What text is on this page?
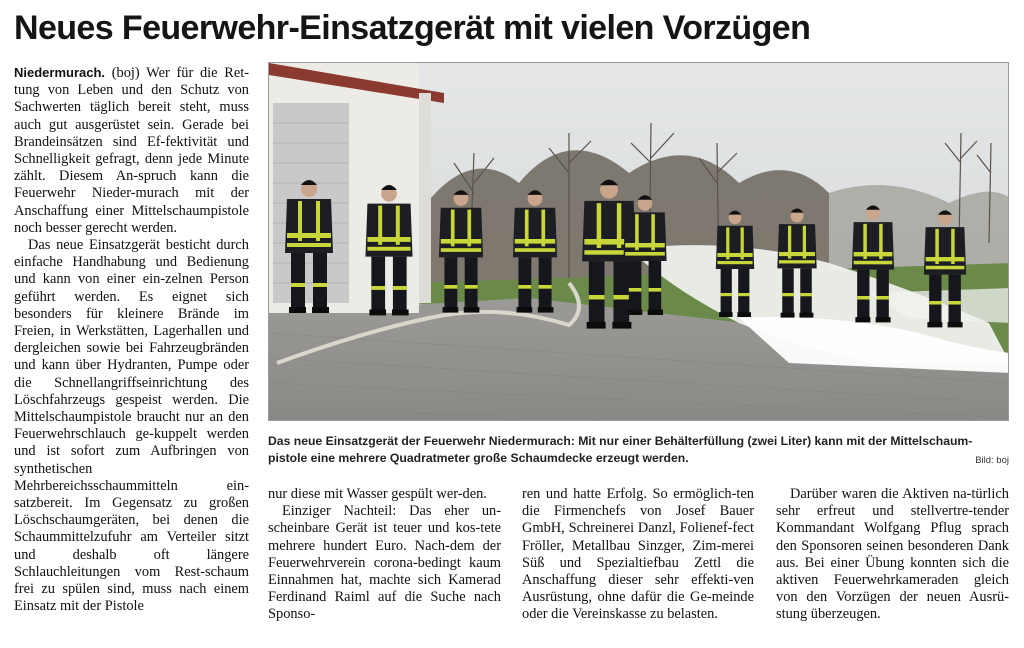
Neues Feuerwehr-Einsatzgerät mit vielen Vorzügen

Niedermurach. (boj) Wer für die Ret- tung von Leben und den Schutz von Sachwerten täglich bereit steht, muss auch gut ausgerüstet sein. Gerade bei Brandeinsätzen sind Ef-fektivität und Schnelligkeit gefragt, denn jede Minute zählt. Diesem An-spruch kann die Feuerwehr Nieder-murach mit der Anschaffung einer Mittelschaumpistole noch besser gerecht werden.

Das neue Einsatzgerät besticht durch einfache Handhabung und Bedienung und kann von einer ein-zelnen Person geführt werden. Es eignet sich besonders für kleinere Brände im Freien, in Werkstätten, Lagerhallen und dergleichen sowie bei Fahrzeugbränden und kann über Hydranten, Pumpe oder die Schnellangriffseinrichtung des Löschfahrzeugs gespeist werden. Die Mittelschaumpistole braucht nur an den Feuerwehrschlauch ge-kuppelt werden und ist sofort zum Aufbringen von synthetischen Mehrbereichsschaummitteln ein-satzbereit. Im Gegensatz zu großen Löschschaumgeräten, bei denen die Schaummittelzufuhr am Verteiler sitzt und deshalb oft längere Schlauchleitungen vom Rest-schaum frei zu spülen sind, muss nach einem Einsatz mit der Pistole

Das neue Einsatzgerät der Feuerwehr Niedermurach: Mit nur einer Behälterfüllung (zwei Liter) kann mit der Mittelschaum-
pistole eine mehrere Quadratmeter große Schaumdecke erzeugt werden.	Bild: boj

nur diese mit Wasser gespült wer-den.

Einziger Nachteil: Das eher un-scheinbare Gerät ist teuer und kos-tete mehrere hundert Euro. Nach-dem der Feuerwehrverein corona-bedingt kaum Einnahmen hat, machte sich Kamerad Ferdinand Raiml auf die Suche nach Sponso-

ren und hatte Erfolg. So ermöglich-ten die Firmenchefs von Josef Bauer GmbH, Schreinerei Danzl, Folienef-fect Fröller, Metallbau Sinzger, Zim-merei Süß und Spezialtiefbau Zettl die Anschaffung dieser sehr effekti-ven Ausrüstung, ohne dafür die Ge-meinde oder die Vereinskasse zu belasten.

Darüber waren die Aktiven na-türlich sehr erfreut und stellvertre-tender Kommandant Wolfgang Pflug sprach den Sponsoren seinen besonderen Dank aus. Bei einer Übung konnten sich die aktiven Feuerwehrkameraden gleich von den Vorzügen der neuen Ausrü-stung überzeugen.
